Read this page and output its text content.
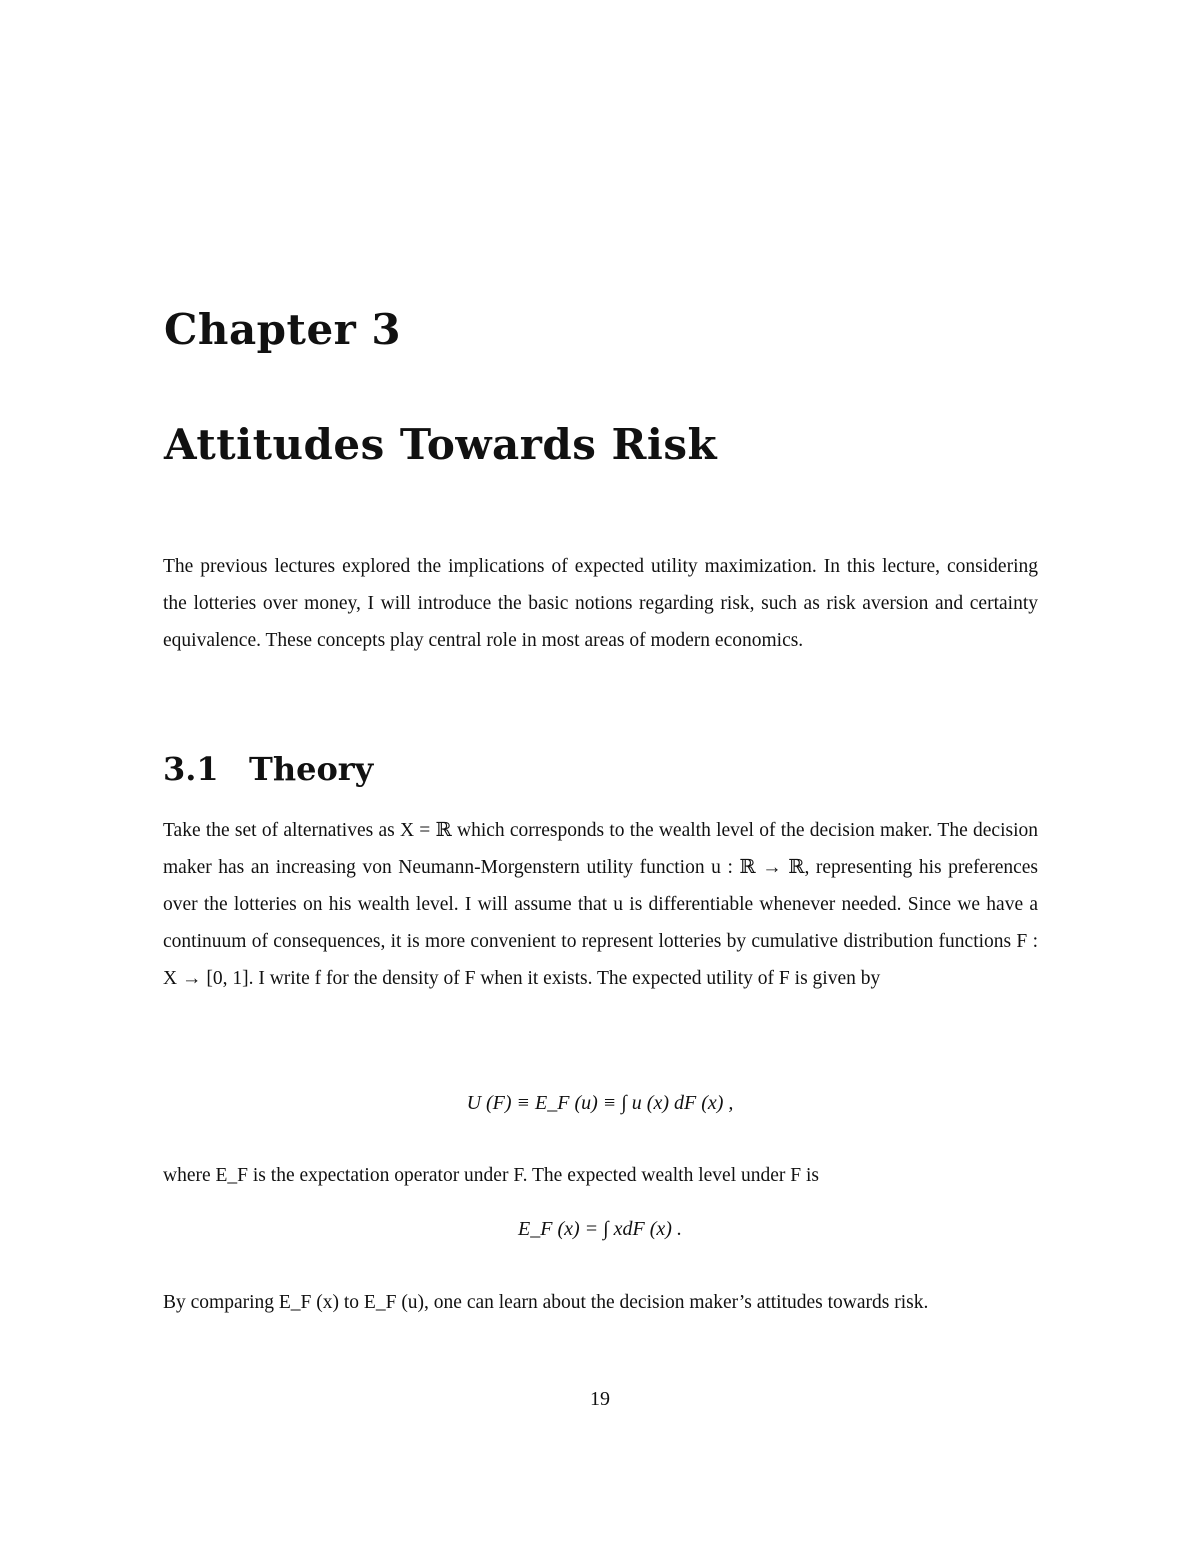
Chapter 3
Attitudes Towards Risk

The previous lectures explored the implications of expected utility maximization. In this lecture, considering the lotteries over money, I will introduce the basic notions regarding risk, such as risk aversion and certainty equivalence. These concepts play central role in most areas of modern economics.

3.1 Theory

Take the set of alternatives as X = ℝ which corresponds to the wealth level of the decision maker. The decision maker has an increasing von Neumann-Morgenstern utility function u : ℝ → ℝ, representing his preferences over the lotteries on his wealth level. I will assume that u is differentiable whenever needed. Since we have a continuum of consequences, it is more convenient to represent lotteries by cumulative distribution functions F : X → [0, 1]. I write f for the density of F when it exists. The expected utility of F is given by

U (F) ≡ E_F (u) ≡ ∫ u (x) dF (x) ,

where E_F is the expectation operator under F. The expected wealth level under F is

E_F (x) = ∫ xdF (x) .

By comparing E_F (x) to E_F (u), one can learn about the decision maker’s attitudes towards risk.

19
